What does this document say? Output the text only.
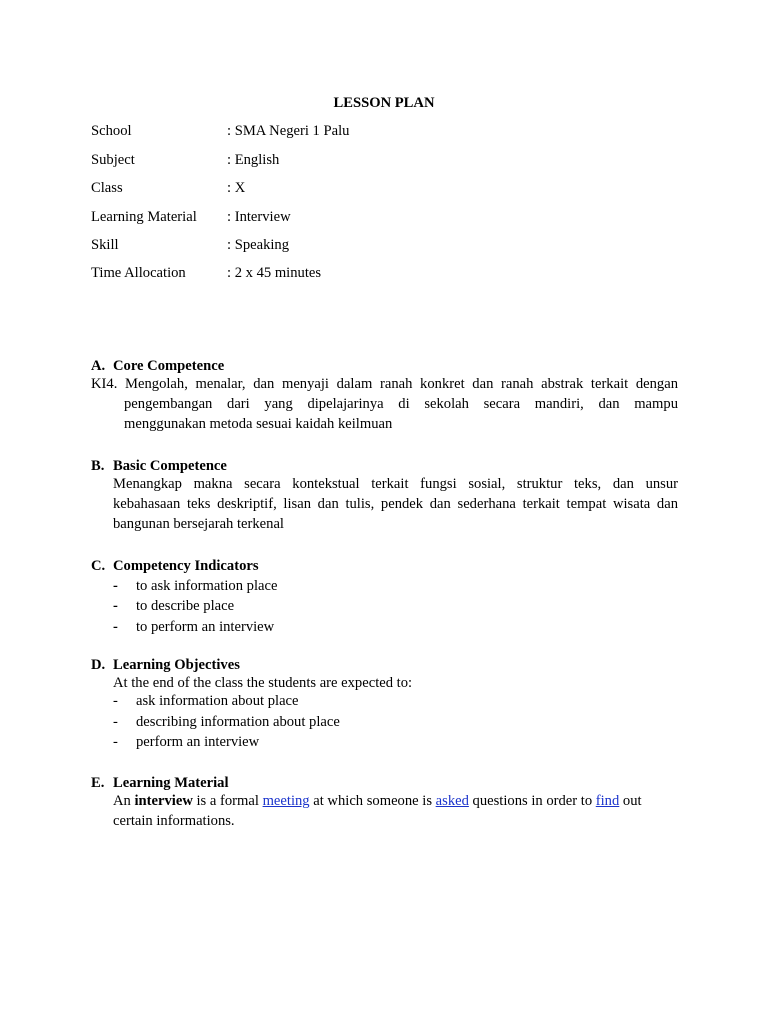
LESSON PLAN
School	: SMA Negeri 1 Palu
Subject	: English
Class	: X
Learning Material	: Interview
Skill	: Speaking
Time Allocation	: 2 x 45 minutes
A. Core Competence
KI4. Mengolah, menalar, dan menyaji dalam ranah konkret dan ranah abstrak terkait dengan
pengembangan dari yang dipelajarinya di sekolah secara mandiri, dan mampu
menggunakan metoda sesuai kaidah keilmuan
B. Basic Competence
Menangkap makna secara kontekstual terkait fungsi sosial, struktur teks, dan unsur
kebahasaan teks deskriptif, lisan dan tulis, pendek dan sederhana terkait tempat wisata dan
bangunan bersejarah terkenal
C. Competency Indicators
- to ask information place
- to describe place
- to perform an interview
D. Learning Objectives
At the end of the class the students are expected to:
- ask information about place
- describing information about place
- perform an interview
E. Learning Material
An interview is a formal meeting at which someone is asked questions in order to find out
certain informations.
